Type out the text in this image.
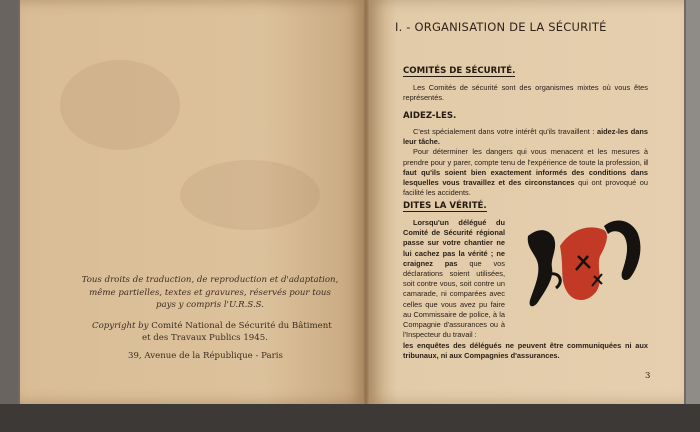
Tous droits de traduction, de reproduction et d'adaptation, même partielles, textes et gravures, réservés pour tous pays y compris l'U.R.S.S.
Copyright by Comité National de Sécurité du Bâtiment
et des Travaux Publics 1945.
39, Avenue de la République - Paris
I. - ORGANISATION DE LA SÉCURITÉ
COMITÉS DE SÉCURITÉ.

Les Comités de sécurité sont des organismes mixtes où vous êtes représentés.

AIDEZ-LES.

C'est spécialement dans votre intérêt qu'ils travaillent : aidez-les dans leur tâche.

Pour déterminer les dangers qui vous menacent et les mesures à prendre pour y parer, compte tenu de l'expérience de toute la profession, il faut qu'ils soient bien exactement informés des conditions dans lesquelles vous travaillez et des circonstances qui ont provoqué ou facilité les accidents.

DITES LA VÉRITÉ.

Lorsqu'un délégué du Comité de Sécurité régional passe sur votre chantier ne lui cachez pas la vérité ; ne craignez pas que vos déclarations soient utilisées, soit contre vous, soit contre un camarade, ni comparées avec celles que vous avez pu faire au Commissaire de police, à la Compagnie d'assurances ou à l'Inspecteur du travail :

les enquêtes des délégués ne peuvent être communiquées ni aux tribunaux, ni aux Compagnies d'assurances.

3
